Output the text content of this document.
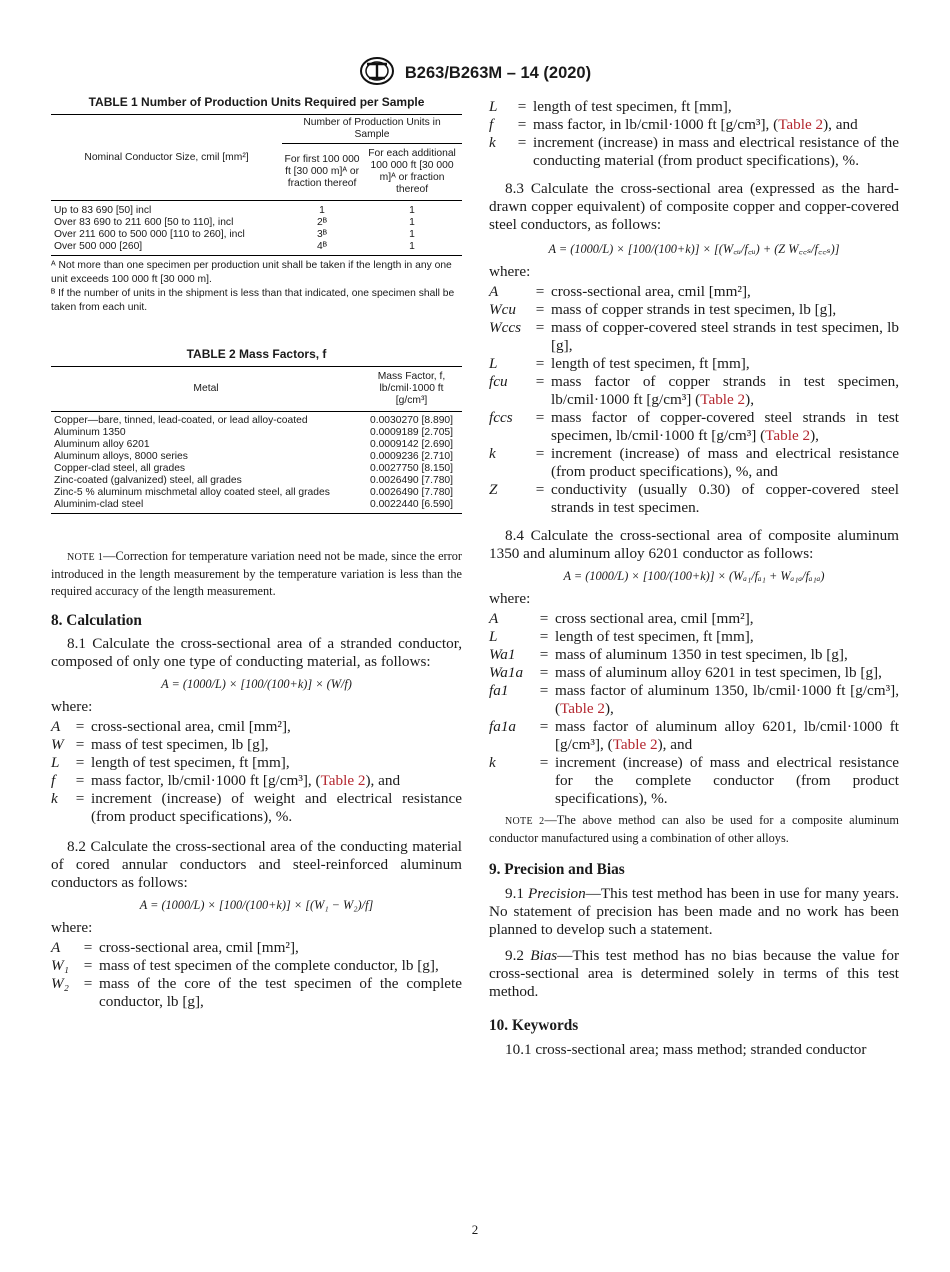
B263/B263M – 14 (2020)
TABLE 1 Number of Production Units Required per Sample
Nominal Conductor Size, cmil [mm²]	Number of Production Units in Sample	
	For first 100 000 ft [30 000 m]ᴬ or fraction thereof	For each additional 100 000 ft [30 000 m]ᴬ or fraction thereof
Up to 83 690 [50] incl	1	1
Over 83 690 to 211 600 [50 to 110], incl	2ᴮ	1
Over 211 600 to 500 000 [110 to 260], incl	3ᴮ	1
Over 500 000 [260]	4ᴮ	1

ᴬ Not more than one specimen per production unit shall be taken if the length in any one unit exceeds 100 000 ft [30 000 m].

ᴮ If the number of units in the shipment is less than that indicated, one specimen shall be taken from each unit.

TABLE 2 Mass Factors, f
Metal	Mass Factor, f, lb/cmil·1000 ft [g/cm³]
Copper—bare, tinned, lead-coated, or lead alloy-coated	0.0030270 [8.890]
Aluminum 1350	0.0009189 [2.705]
Aluminum alloy 6201	0.0009142 [2.690]
Aluminum alloys, 8000 series	0.0009236 [2.710]
Copper-clad steel, all grades	0.0027750 [8.150]
Zinc-coated (galvanized) steel, all grades	0.0026490 [7.780]
Zinc-5 % aluminum mischmetal alloy coated steel, all grades	0.0026490 [7.780]
Aluminim-clad steel	0.0022440 [6.590]
NOTE 1—Correction for temperature variation need not be made, since the error introduced in the length measurement by the temperature variation is less than the required accuracy of the length measurement.
8. Calculation

8.1 Calculate the cross-sectional area of a stranded conductor, composed of only one type of conducting material, as follows:

A = (1000/L) × [100/(100+k)] × (W/f)

where:

A	=	cross-sectional area, cmil [mm²],
W	=	mass of test specimen, lb [g],
L	=	length of test specimen, ft [mm],
f	=	mass factor, lb/cmil·1000 ft [g/cm³], (Table 2), and
k	=	increment (increase) of weight and electrical resistance (from product specifications), %.

8.2 Calculate the cross-sectional area of the conducting material of cored annular conductors and steel-reinforced aluminum conductors as follows:

A = (1000/L) × [100/(100+k)] × [(W₁ − W₂)/f]

where:

A	=	cross-sectional area, cmil [mm²],
W₁	=	mass of test specimen of the complete conductor, lb [g],
W₂	=	mass of the core of the test specimen of the complete conductor, lb [g],
L	=	length of test specimen, ft [mm],
f	=	mass factor, in lb/cmil·1000 ft [g/cm³], (Table 2), and
k	=	increment (increase) in mass and electrical resistance of the conducting material (from product specifications), %.

8.3 Calculate the cross-sectional area (expressed as the hard-drawn copper equivalent) of composite copper and copper-covered steel conductors, as follows:

A = (1000/L) × [100/(100+k)] × [(W꜀ᵤ/f꜀ᵤ) + (Z W꜀꜀ₛ/f꜀꜀ₛ)]

where:

A	=	cross-sectional area, cmil [mm²],
Wcu	=	mass of copper strands in test specimen, lb [g],
Wccs	=	mass of copper-covered steel strands in test specimen, lb [g],
L	=	length of test specimen, ft [mm],
fcu	=	mass factor of copper strands in test specimen, lb/cmil·1000 ft [g/cm³] (Table 2),
fccs	=	mass factor of copper-covered steel strands in test specimen, lb/cmil·1000 ft [g/cm³] (Table 2),
k	=	increment (increase) of mass and electrical resistance (from product specifications), %, and
Z	=	conductivity (usually 0.30) of copper-covered steel strands in test specimen.

8.4 Calculate the cross-sectional area of composite aluminum 1350 and aluminum alloy 6201 conductor as follows:

A = (1000/L) × [100/(100+k)] × (Wₐ₁/fₐ₁ + Wₐ₁ₐ/fₐ₁ₐ)

where:

A	=	cross sectional area, cmil [mm²],
L	=	length of test specimen, ft [mm],
Wa1	=	mass of aluminum 1350 in test specimen, lb [g],
Wa1a	=	mass of aluminum alloy 6201 in test specimen, lb [g],
fa1	=	mass factor of aluminum 1350, lb/cmil·1000 ft [g/cm³], (Table 2),
fa1a	=	mass factor of aluminum alloy 6201, lb/cmil·1000 ft [g/cm³], (Table 2), and
k	=	increment (increase) of mass and electrical resistance for the complete conductor (from product specifications), %.
NOTE 2—The above method can also be used for a composite aluminum conductor manufactured using a combination of other alloys.
9. Precision and Bias

9.1 Precision—This test method has been in use for many years. No statement of precision has been made and no work has been planned to develop such a statement.

9.2 Bias—This test method has no bias because the value for cross-sectional area is determined solely in terms of this test method.

10. Keywords

10.1 cross-sectional area; mass method; stranded conductor

2
